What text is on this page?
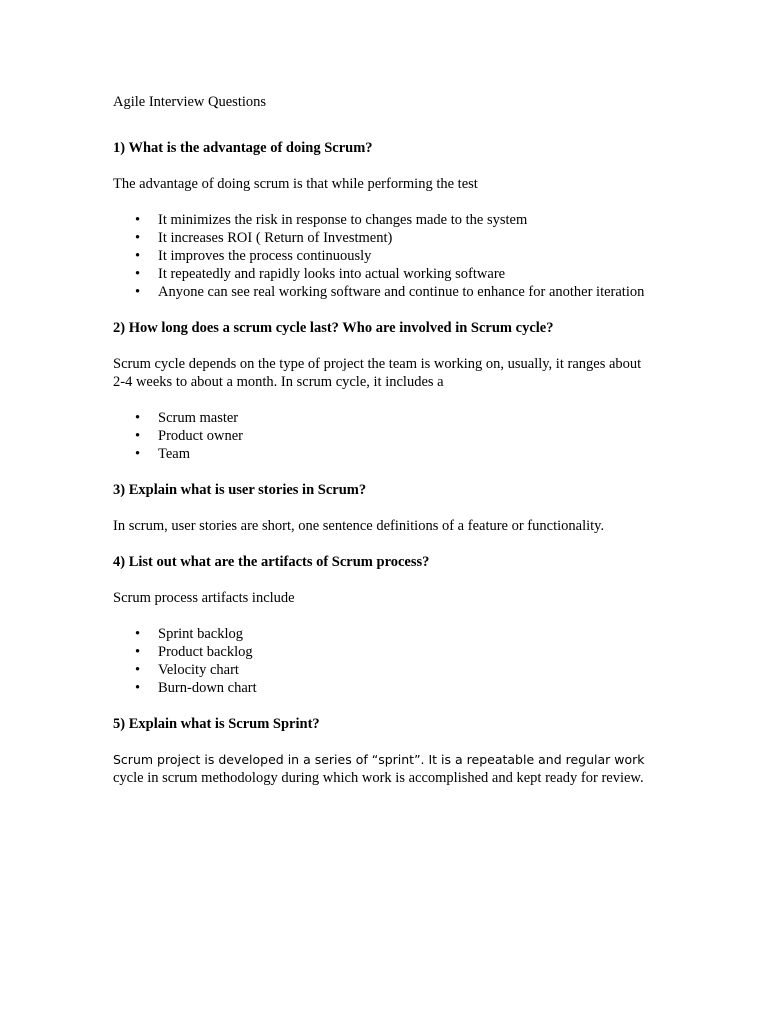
Agile Interview Questions
1) What is the advantage of doing Scrum?
The advantage of doing scrum is that while performing the test
• It minimizes the risk in response to changes made to the system
• It increases ROI ( Return of Investment)
• It improves the process continuously
• It repeatedly and rapidly looks into actual working software
• Anyone can see real working software and continue to enhance for another iteration
2) How long does a scrum cycle last? Who are involved in Scrum cycle?
Scrum cycle depends on the type of project the team is working on, usually, it ranges about 2-4 weeks to about a month. In scrum cycle, it includes a
• Scrum master
• Product owner
• Team
3) Explain what is user stories in Scrum?
In scrum, user stories are short, one sentence definitions of a feature or functionality.
4) List out what are the artifacts of Scrum process?
Scrum process artifacts include
• Sprint backlog
• Product backlog
• Velocity chart
• Burn-down chart
5) Explain what is Scrum Sprint?
Scrum project is developed in a series of “sprint”. It is a repeatable and regular work
cycle in scrum methodology during which work is accomplished and kept ready for review.
